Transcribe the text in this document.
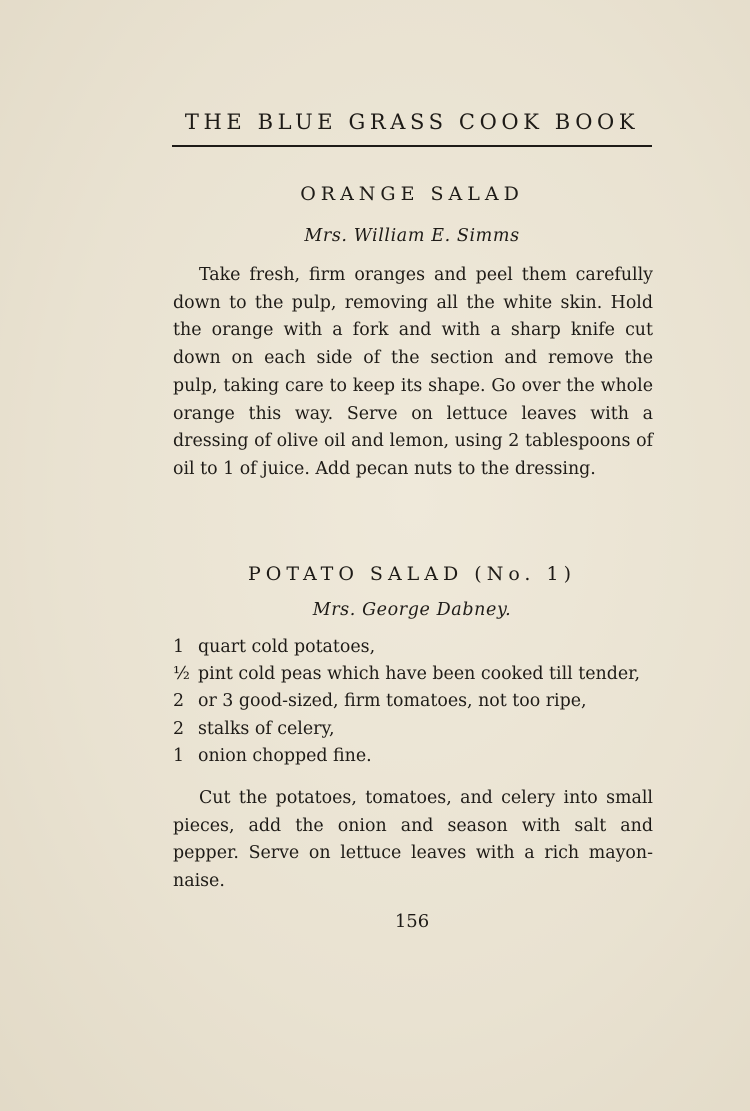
THE BLUE GRASS COOK BOOK
ORANGE SALAD
Mrs. William E. Simms

Take fresh, firm oranges and peel them carefully down to the pulp, removing all the white skin. Hold the orange with a fork and with a sharp knife cut down on each side of the section and remove the pulp, taking care to keep its shape. Go over the whole orange this way. Serve on lettuce leaves with a dressing of olive oil and lemon, using 2 tablespoons of oil to 1 of juice. Add pecan nuts to the dressing.

POTATO SALAD (No. 1)
Mrs. George Dabney.
1 quart cold potatoes,
½ pint cold peas which have been cooked till tender,
2 or 3 good-sized, firm tomatoes, not too ripe,
2 stalks of celery,
1 onion chopped fine.

Cut the potatoes, tomatoes, and celery into small pieces, add the onion and season with salt and pepper. Serve on lettuce leaves with a rich mayonnaise.

156
